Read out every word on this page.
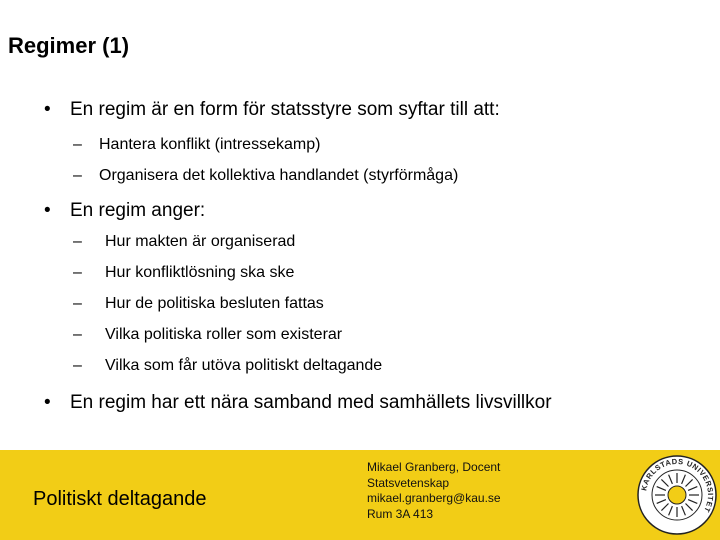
Regimer (1)
• En regim är en form för statsstyre som syftar till att:
– Hantera konflikt (intressekamp)
– Organisera det kollektiva handlandet (styrförmåga)
• En regim anger:
– Hur makten är organiserad
– Hur konfliktlösning ska ske
– Hur de politiska besluten fattas
– Vilka politiska roller som existerar
– Vilka som får utöva politiskt deltagande
• En regim har ett nära samband med samhällets livsvillkor
Politiskt deltagande
Mikael Granberg, Docent
Statsvetenskap
mikael.granberg@kau.se
Rum 3A 413
KARLSTADS UNIVERSITET
